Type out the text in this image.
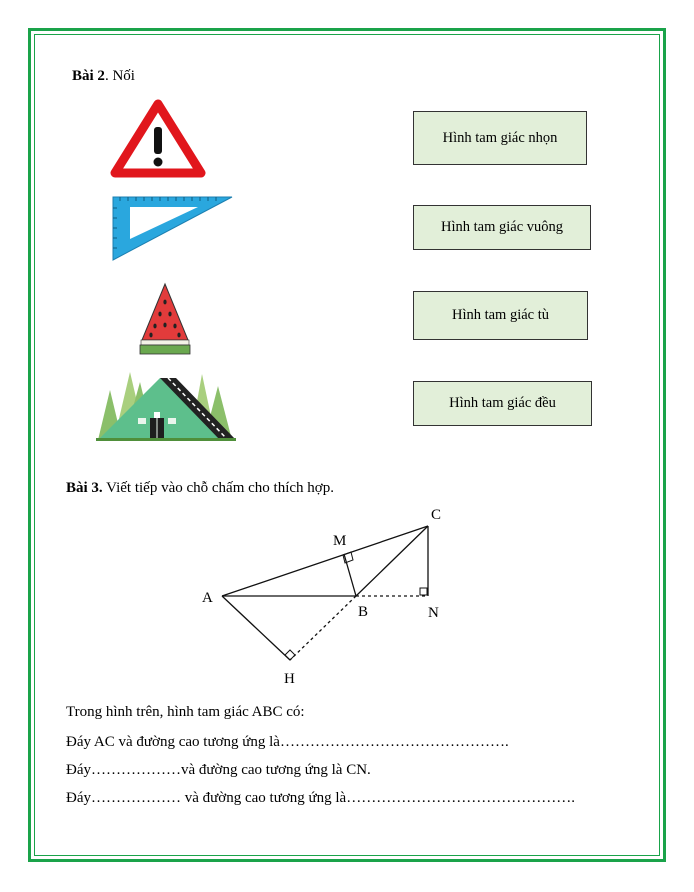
Bài 2. Nối
Hình tam giác nhọn
Hình tam giác vuông
Hình tam giác tù
Hình tam giác đều
Bài 3. Viết tiếp vào chỗ chấm cho thích hợp.
A
B
C
M
N
H
Trong hình trên, hình tam giác ABC có:
Đáy AC và đường cao tương ứng là……………………………………….
Đáy………………và đường cao tương ứng là CN.
Đáy……………… và đường cao tương ứng là……………………………………….
